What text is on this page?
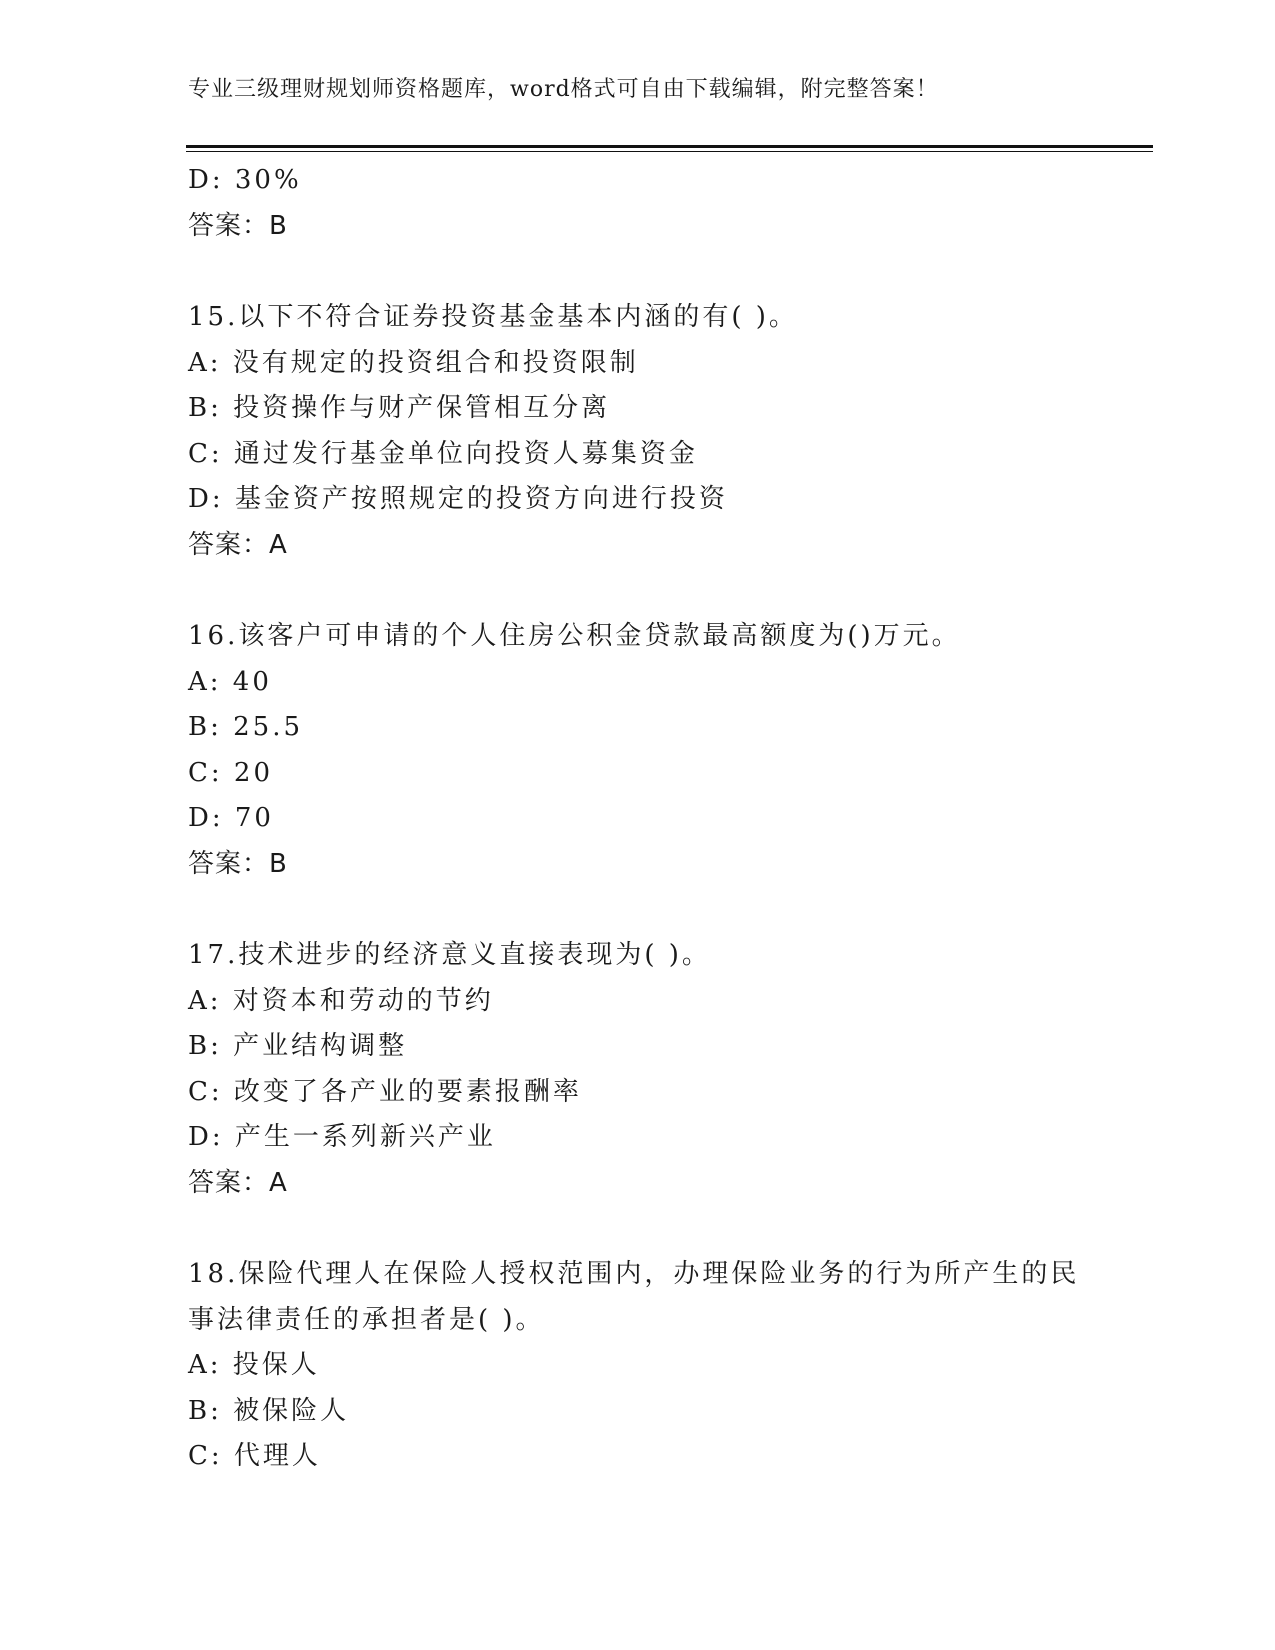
专业三级理财规划师资格题库，word格式可自由下载编辑，附完整答案！
D: 30%
答案：B
15.以下不符合证券投资基金基本内涵的有( )。
A: 没有规定的投资组合和投资限制
B: 投资操作与财产保管相互分离
C: 通过发行基金单位向投资人募集资金
D: 基金资产按照规定的投资方向进行投资
答案：A
16.该客户可申请的个人住房公积金贷款最高额度为()万元。
A: 40
B: 25.5
C: 20
D: 70
答案：B
17.技术进步的经济意义直接表现为( )。
A: 对资本和劳动的节约
B: 产业结构调整
C: 改变了各产业的要素报酬率
D: 产生一系列新兴产业
答案：A
18.保险代理人在保险人授权范围内，办理保险业务的行为所产生的民
事法律责任的承担者是( )。
A: 投保人
B: 被保险人
C: 代理人
